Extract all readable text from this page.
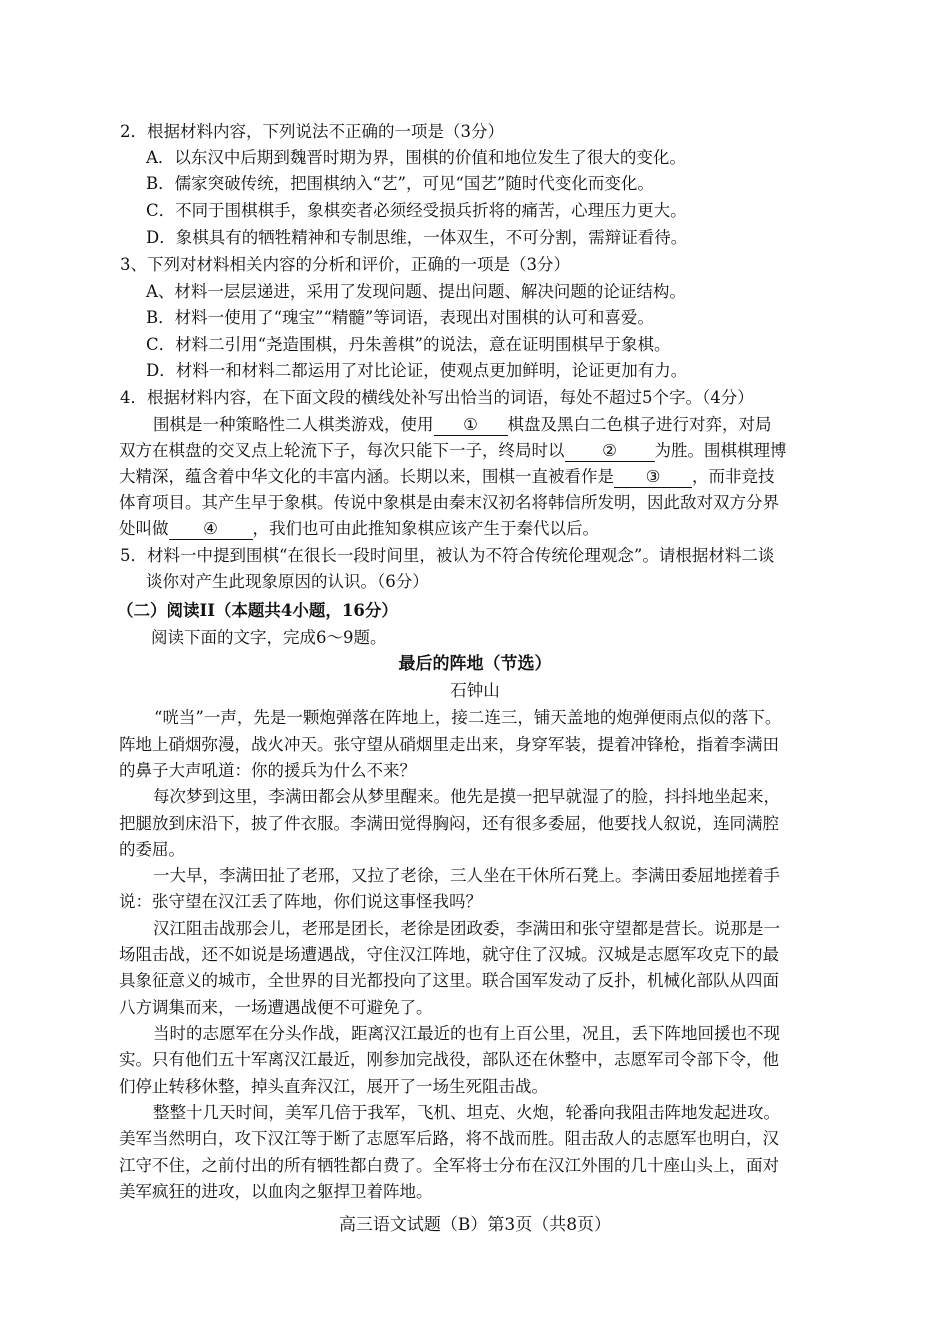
2．根据材料内容，下列说法不正确的一项是（3分）
A．以东汉中后期到魏晋时期为界，围棋的价值和地位发生了很大的变化。
B．儒家突破传统，把围棋纳入“艺”，可见“国艺”随时代变化而变化。
C．不同于围棋棋手，象棋奕者必须经受损兵折将的痛苦，心理压力更大。
D．象棋具有的牺牲精神和专制思维，一体双生，不可分割，需辩证看待。
3、下列对材料相关内容的分析和评价，正确的一项是（3分）
A、材料一层层递进，采用了发现问题、提出问题、解决问题的论证结构。
B．材料一使用了“瑰宝”“精髓”等词语，表现出对围棋的认可和喜爱。
C．材料二引用“尧造围棋，丹朱善棋”的说法，意在证明围棋早于象棋。
D．材料一和材料二都运用了对比论证，使观点更加鲜明，论证更加有力。
4．根据材料内容，在下面文段的横线处补写出恰当的词语，每处不超过5个字。（4分）
围棋是一种策略性二人棋类游戏，使用 ① 棋盘及黑白二色棋子进行对弈，对局
双方在棋盘的交叉点上轮流下子，每次只能下一子，终局时以 ② 为胜。围棋棋理博
大精深，蕴含着中华文化的丰富内涵。长期以来，围棋一直被看作是 ③ ，而非竞技
体育项目。其产生早于象棋。传说中象棋是由秦末汉初名将韩信所发明，因此敌对双方分界
处叫做 ④ ，我们也可由此推知象棋应该产生于秦代以后。
5．材料一中提到围棋“在很长一段时间里，被认为不符合传统伦理观念”。请根据材料二谈
谈你对产生此现象原因的认识。（6分）
（二）阅读II（本题共4小题，16分）
阅读下面的文字，完成6～9题。
最后的阵地（节选）
石钟山
“咣当”一声，先是一颗炮弹落在阵地上，接二连三，铺天盖地的炮弹便雨点似的落下。
阵地上硝烟弥漫，战火冲天。张守望从硝烟里走出来，身穿军装，提着冲锋枪，指着李满田
的鼻子大声吼道：你的援兵为什么不来？
每次梦到这里，李满田都会从梦里醒来。他先是摸一把早就湿了的脸，抖抖地坐起来，
把腿放到床沿下，披了件衣服。李满田觉得胸闷，还有很多委屈，他要找人叙说，连同满腔
的委屈。
一大早，李满田扯了老邢，又拉了老徐，三人坐在干休所石凳上。李满田委屈地搓着手
说：张守望在汉江丢了阵地，你们说这事怪我吗？
汉江阻击战那会儿，老邢是团长，老徐是团政委，李满田和张守望都是营长。说那是一
场阻击战，还不如说是场遭遇战，守住汉江阵地，就守住了汉城。汉城是志愿军攻克下的最
具象征意义的城市，全世界的目光都投向了这里。联合国军发动了反扑，机械化部队从四面
八方调集而来，一场遭遇战便不可避免了。
当时的志愿军在分头作战，距离汉江最近的也有上百公里，况且，丢下阵地回援也不现
实。只有他们五十军离汉江最近，刚参加完战役，部队还在休整中，志愿军司令部下令，他
们停止转移休整，掉头直奔汉江，展开了一场生死阻击战。
整整十几天时间，美军几倍于我军，飞机、坦克、火炮，轮番向我阻击阵地发起进攻。
美军当然明白，攻下汉江等于断了志愿军后路，将不战而胜。阻击敌人的志愿军也明白，汉
江守不住，之前付出的所有牺牲都白费了。全军将士分布在汉江外围的几十座山头上，面对
美军疯狂的进攻，以血肉之躯捍卫着阵地。
高三语文试题（B）第3页（共8页）
